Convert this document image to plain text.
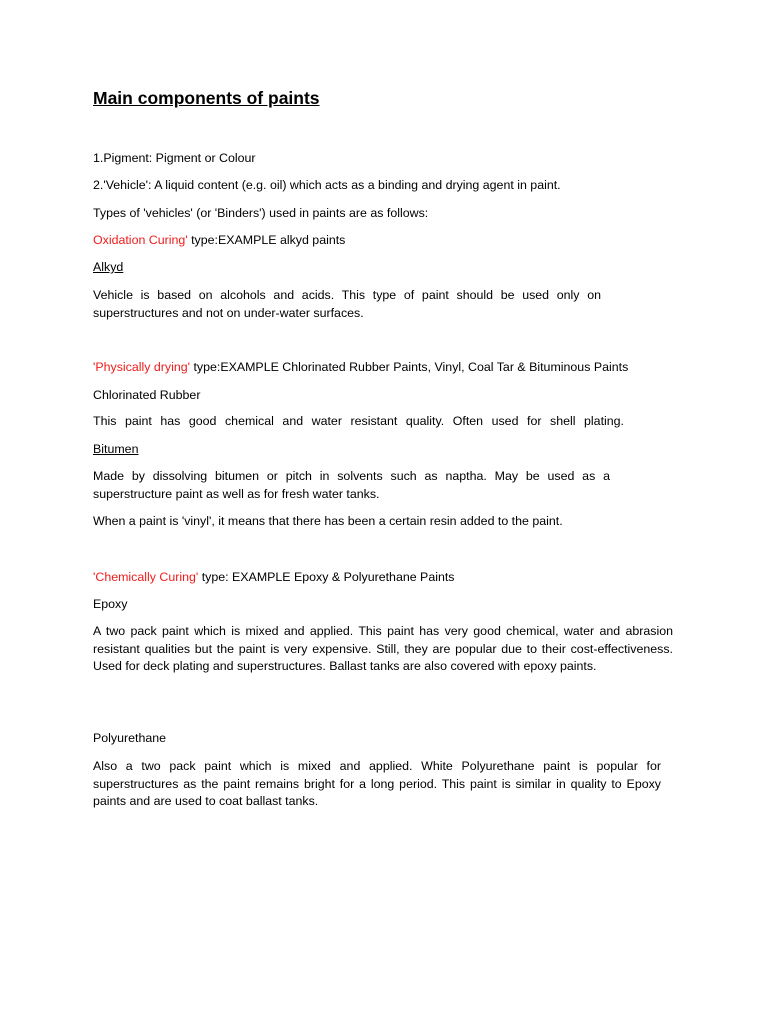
Main components of paints

1.Pigment: Pigment or Colour

2.'Vehicle': A liquid content (e.g. oil) which acts as a binding and drying agent in paint.

Types of 'vehicles' (or 'Binders') used in paints are as follows:

Oxidation Curing' type:EXAMPLE alkyd paints

Alkyd

Vehicle is based on alcohols and acids. This type of paint should be used only on superstructures and not on under-water surfaces.

'Physically drying' type:EXAMPLE Chlorinated Rubber Paints, Vinyl, Coal Tar & Bituminous Paints

Chlorinated Rubber

This paint has good chemical and water resistant quality. Often used for shell plating.

Bitumen

Made by dissolving bitumen or pitch in solvents such as naptha. May be used as a superstructure paint as well as for fresh water tanks.

When a paint is 'vinyl', it means that there has been a certain resin added to the paint.

'Chemically Curing' type: EXAMPLE Epoxy & Polyurethane Paints

Epoxy

A two pack paint which is mixed and applied. This paint has very good chemical, water and abrasion resistant qualities but the paint is very expensive. Still, they are popular due to their cost-effectiveness. Used for deck plating and superstructures. Ballast tanks are also covered with epoxy paints.

Polyurethane

Also a two pack paint which is mixed and applied. White Polyurethane paint is popular for superstructures as the paint remains bright for a long period. This paint is similar in quality to Epoxy paints and are used to coat ballast tanks.
